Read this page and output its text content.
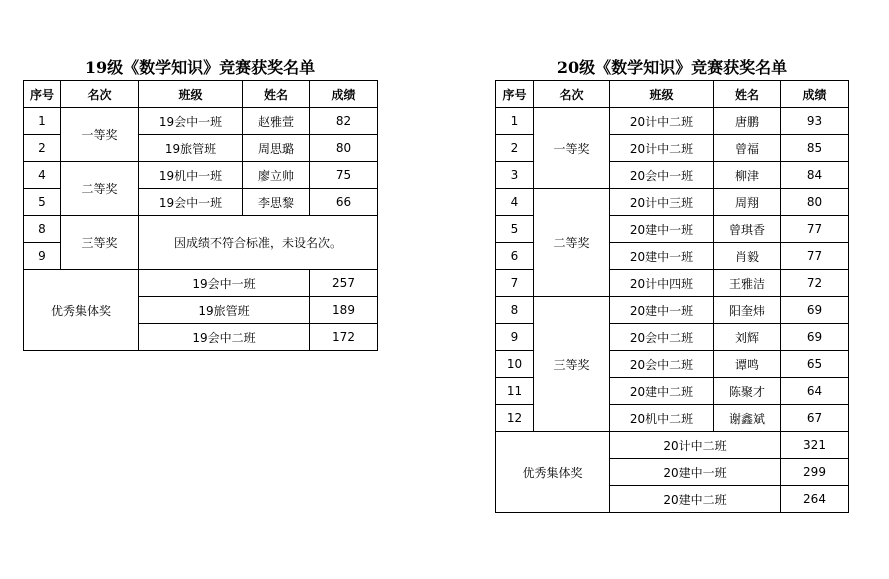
19级《数学知识》竞赛获奖名单
序号	名次	班级	姓名	成绩
1	一等奖	19会中一班	赵雅萱	82
2		19旅管班	周思璐	80
4	二等奖	19机中一班	廖立帅	75
5		19会中一班	李思黎	66
8	三等奖	因成绩不符合标准，未设名次。		
9				
优秀集体奖		19会中一班		257
		19旅管班		189
		19会中二班		172
20级《数学知识》竞赛获奖名单
序号	名次	班级	姓名	成绩
1	一等奖	20计中二班	唐鹏	93
2		20计中二班	曾福	85
3		20会中一班	柳津	84
4	二等奖	20计中三班	周翔	80
5		20建中一班	曾琪香	77
6		20建中一班	肖毅	77
7		20计中四班	王雅洁	72
8	三等奖	20建中一班	阳奎炜	69
9		20会中二班	刘辉	69
10		20会中二班	谭鸣	65
11		20建中二班	陈聚才	64
12		20机中二班	谢鑫斌	67
优秀集体奖		20计中二班		321
		20建中一班		299
		20建中二班		264
